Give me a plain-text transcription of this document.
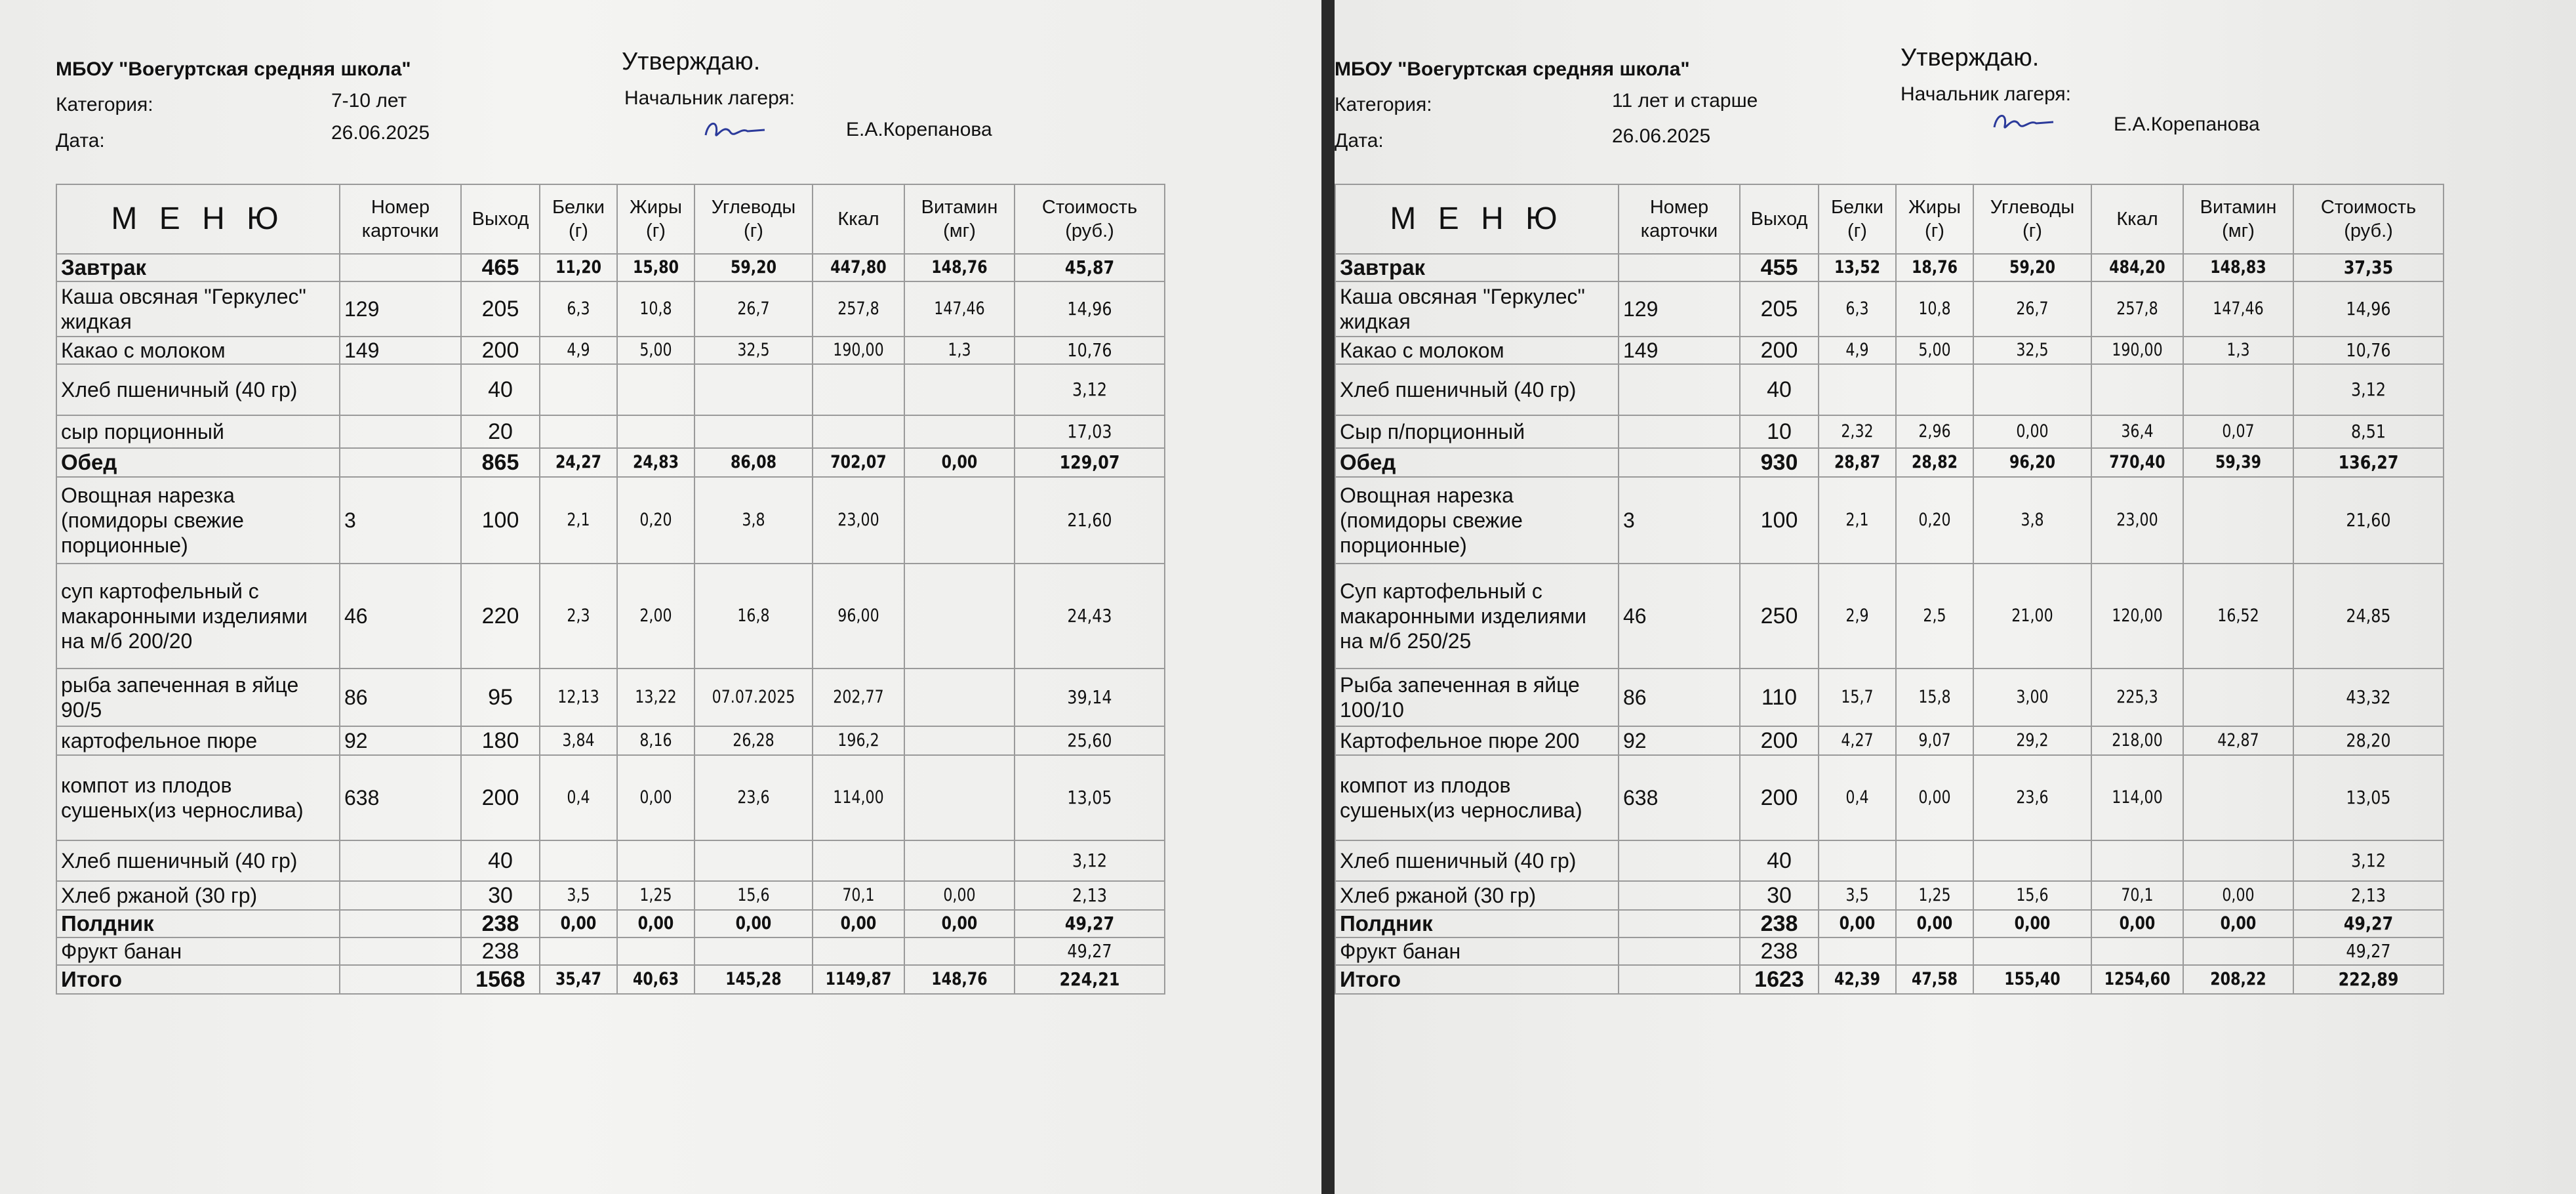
МБОУ "Воегуртская средняя школа"
Категория:	7-10 лет
Дата:	26.06.2025
Утверждаю.
Начальник лагеря:
Е.А.Корепанова
М Е Н Ю	Номер карточки	Выход	Белки (г)	Жиры (г)	Углеводы (г)	Ккал	Витамин (мг)	Стоимость (руб.)
Завтрак		465	11,20	15,80	59,20	447,80	148,76	45,87
Каша овсяная "Геркулес" жидкая	129	205	6,3	10,8	26,7	257,8	147,46	14,96
Какао с молоком	149	200	4,9	5,00	32,5	190,00	1,3	10,76
Хлеб пшеничный (40 гр)		40						3,12
сыр порционный		20						17,03
Обед		865	24,27	24,83	86,08	702,07	0,00	129,07
Овощная нарезка (помидоры свежие порционные)	3	100	2,1	0,20	3,8	23,00		21,60
суп картофельный с макаронными изделиями на м/б 200/20	46	220	2,3	2,00	16,8	96,00		24,43
рыба запеченная в яйце 90/5	86	95	12,13	13,22	07.07.2025	202,77		39,14
картофельное пюре	92	180	3,84	8,16	26,28	196,2		25,60
компот из плодов сушеных(из чернослива)	638	200	0,4	0,00	23,6	114,00		13,05
Хлеб пшеничный (40 гр)		40						3,12
Хлеб ржаной (30 гр)		30	3,5	1,25	15,6	70,1	0,00	2,13
Полдник		238	0,00	0,00	0,00	0,00	0,00	49,27
Фрукт банан		238						49,27
Итого		1568	35,47	40,63	145,28	1149,87	148,76	224,21
МБОУ "Воегуртская средняя школа"
Категория:	11 лет и старше
Дата:	26.06.2025
Утверждаю.
Начальник лагеря:
Е.А.Корепанова
М Е Н Ю	Номер карточки	Выход	Белки (г)	Жиры (г)	Углеводы (г)	Ккал	Витамин (мг)	Стоимость (руб.)
Завтрак		455	13,52	18,76	59,20	484,20	148,83	37,35
Каша овсяная "Геркулес" жидкая	129	205	6,3	10,8	26,7	257,8	147,46	14,96
Какао с молоком	149	200	4,9	5,00	32,5	190,00	1,3	10,76
Хлеб пшеничный (40 гр)		40						3,12
Сыр п/порционный		10	2,32	2,96	0,00	36,4	0,07	8,51
Обед		930	28,87	28,82	96,20	770,40	59,39	136,27
Овощная нарезка (помидоры свежие порционные)	3	100	2,1	0,20	3,8	23,00		21,60
Суп картофельный с макаронными изделиями на м/б 250/25	46	250	2,9	2,5	21,00	120,00	16,52	24,85
Рыба запеченная в яйце 100/10	86	110	15,7	15,8	3,00	225,3		43,32
Картофельное пюре 200	92	200	4,27	9,07	29,2	218,00	42,87	28,20
компот из плодов сушеных(из чернослива)	638	200	0,4	0,00	23,6	114,00		13,05
Хлеб пшеничный (40 гр)		40						3,12
Хлеб ржаной (30 гр)		30	3,5	1,25	15,6	70,1	0,00	2,13
Полдник		238	0,00	0,00	0,00	0,00	0,00	49,27
Фрукт банан		238						49,27
Итого		1623	42,39	47,58	155,40	1254,60	208,22	222,89
